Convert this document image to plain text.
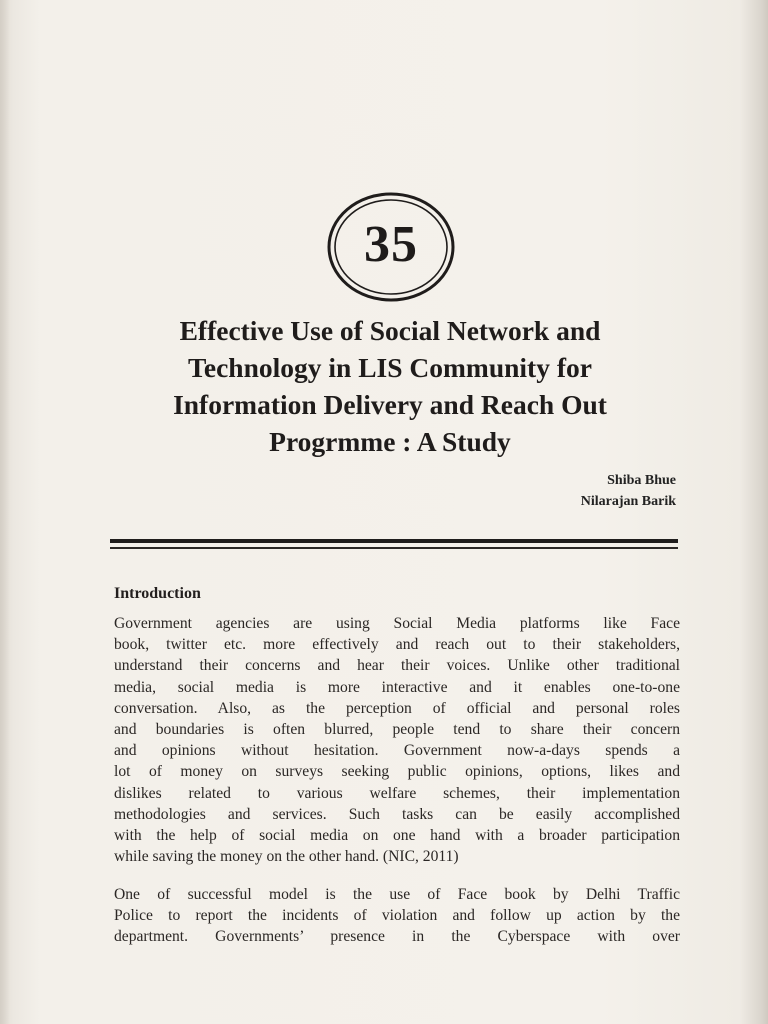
35
Effective Use of Social Network and
Technology in LIS Community for
Information Delivery and Reach Out
Progrmme : A Study
Shiba Bhue
Nilarajan Barik
Introduction
Government agencies are using Social Media platforms like Face
book, twitter etc. more effectively and reach out to their stakeholders,
understand their concerns and hear their voices. Unlike other traditional
media, social media is more interactive and it enables one-to-one
conversation. Also, as the perception of official and personal roles
and boundaries is often blurred, people tend to share their concern
and opinions without hesitation. Government now-a-days spends a
lot of money on surveys seeking public opinions, options, likes and
dislikes related to various welfare schemes, their implementation
methodologies and services. Such tasks can be easily accomplished
with the help of social media on one hand with a broader participation
while saving the money on the other hand. (NIC, 2011)
One of successful model is the use of Face book by Delhi Traffic
Police to report the incidents of violation and follow up action by the
department. Governments’ presence in the Cyberspace with over
